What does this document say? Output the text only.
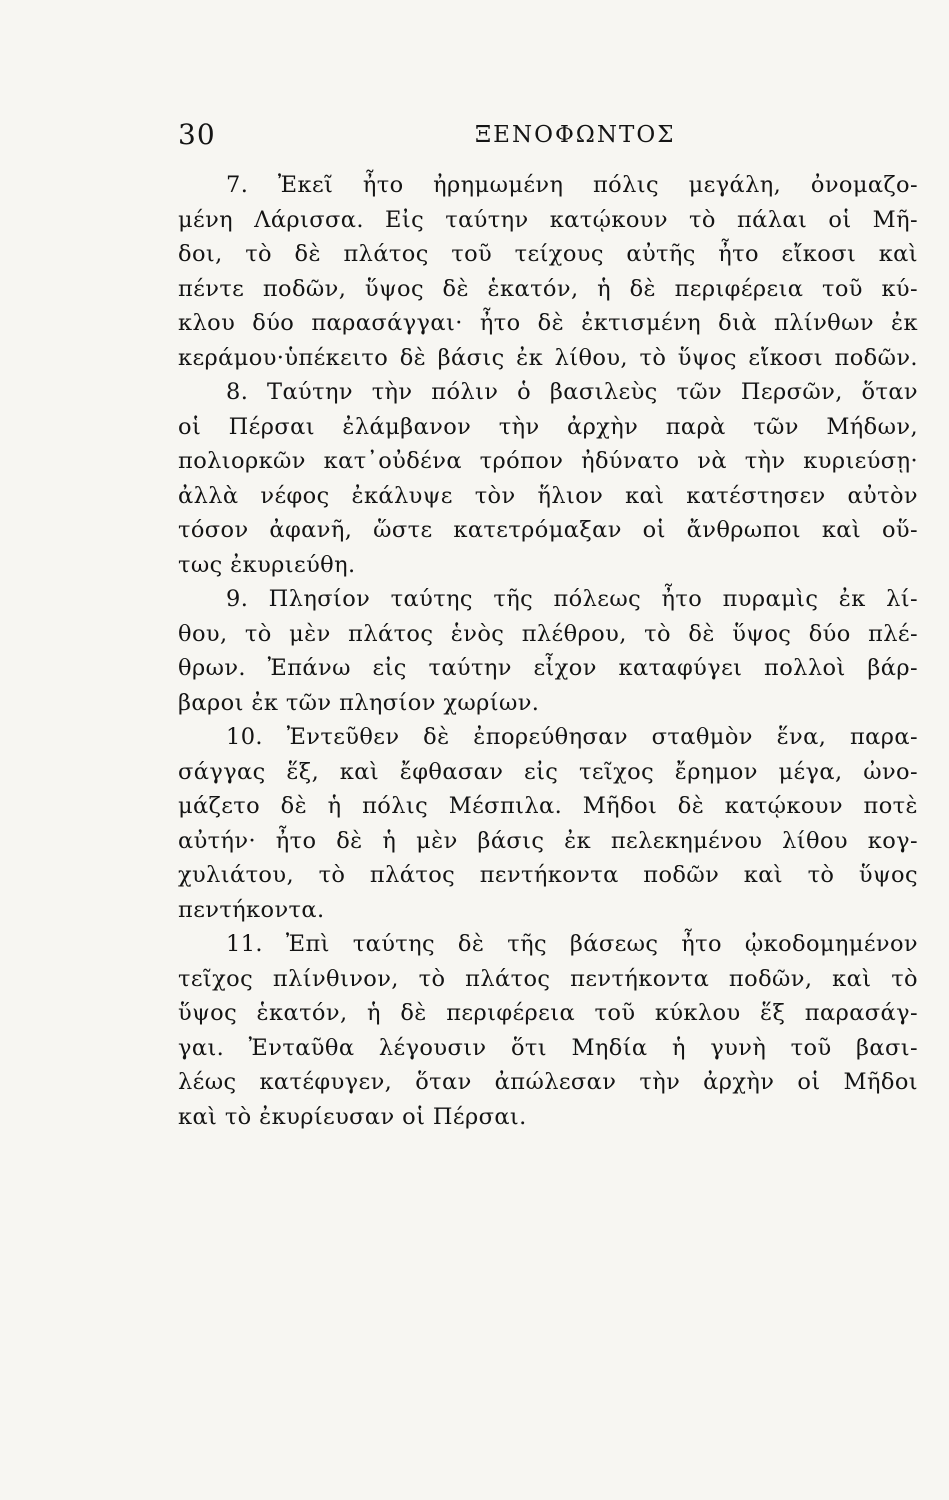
30	ΞΕΝΟΦΩΝΤΟΣ
7. Ἐκεῖ ἦτο ἠρημωμένη πόλις μεγάλη, ὀνομαζο-
μένη Λάρισσα. Εἰς ταύτην κατῴκουν τὸ πάλαι οἱ Μῆ-
δοι, τὸ δὲ πλάτος τοῦ τείχους αὐτῆς ἦτο εἴκοσι καὶ
πέντε ποδῶν, ὕψος δὲ ἑκατόν, ἡ δὲ περιφέρεια τοῦ κύ-
κλου δύο παρασάγγαι· ἦτο δὲ ἐκτισμένη διὰ πλίνθων ἐκ
κεράμου·ὑπέκειτο δὲ βάσις ἐκ λίθου, τὸ ὕψος εἴκοσι ποδῶν.
8. Ταύτην τὴν πόλιν ὁ βασιλεὺς τῶν Περσῶν, ὅταν
οἱ Πέρσαι ἐλάμβανον τὴν ἀρχὴν παρὰ τῶν Μήδων,
πολιορκῶν κατ᾽οὐδένα τρόπον ἠδύνατο νὰ τὴν κυριεύσῃ·
ἀλλὰ νέφος ἐκάλυψε τὸν ἥλιον καὶ κατέστησεν αὐτὸν
τόσον ἀφανῆ, ὥστε κατετρόμαξαν οἱ ἄνθρωποι καὶ οὕ-
τως ἐκυριεύθη.
9. Πλησίον ταύτης τῆς πόλεως ἦτο πυραμὶς ἐκ λί-
θου, τὸ μὲν πλάτος ἑνὸς πλέθρου, τὸ δὲ ὕψος δύο πλέ-
θρων. Ἐπάνω εἰς ταύτην εἶχον καταφύγει πολλοὶ βάρ-
βαροι ἐκ τῶν πλησίον χωρίων.
10. Ἐντεῦθεν δὲ ἐπορεύθησαν σταθμὸν ἕνα, παρα-
σάγγας ἕξ, καὶ ἔφθασαν εἰς τεῖχος ἔρημον μέγα, ὠνο-
μάζετο δὲ ἡ πόλις Μέσπιλα. Μῆδοι δὲ κατῴκουν ποτὲ
αὐτήν· ἦτο δὲ ἡ μὲν βάσις ἐκ πελεκημένου λίθου κογ-
χυλιάτου, τὸ πλάτος πεντήκοντα ποδῶν καὶ τὸ ὕψος
πεντήκοντα.
11. Ἐπὶ ταύτης δὲ τῆς βάσεως ἦτο ᾠκοδομημένον
τεῖχος πλίνθινον, τὸ πλάτος πεντήκοντα ποδῶν, καὶ τὸ
ὕψος ἑκατόν, ἡ δὲ περιφέρεια τοῦ κύκλου ἕξ παρασάγ-
γαι. Ἐνταῦθα λέγουσιν ὅτι Μηδία ἡ γυνὴ τοῦ βασι-
λέως κατέφυγεν, ὅταν ἀπώλεσαν τὴν ἀρχὴν οἱ Μῆδοι
καὶ τὸ ἐκυρίευσαν οἱ Πέρσαι.
